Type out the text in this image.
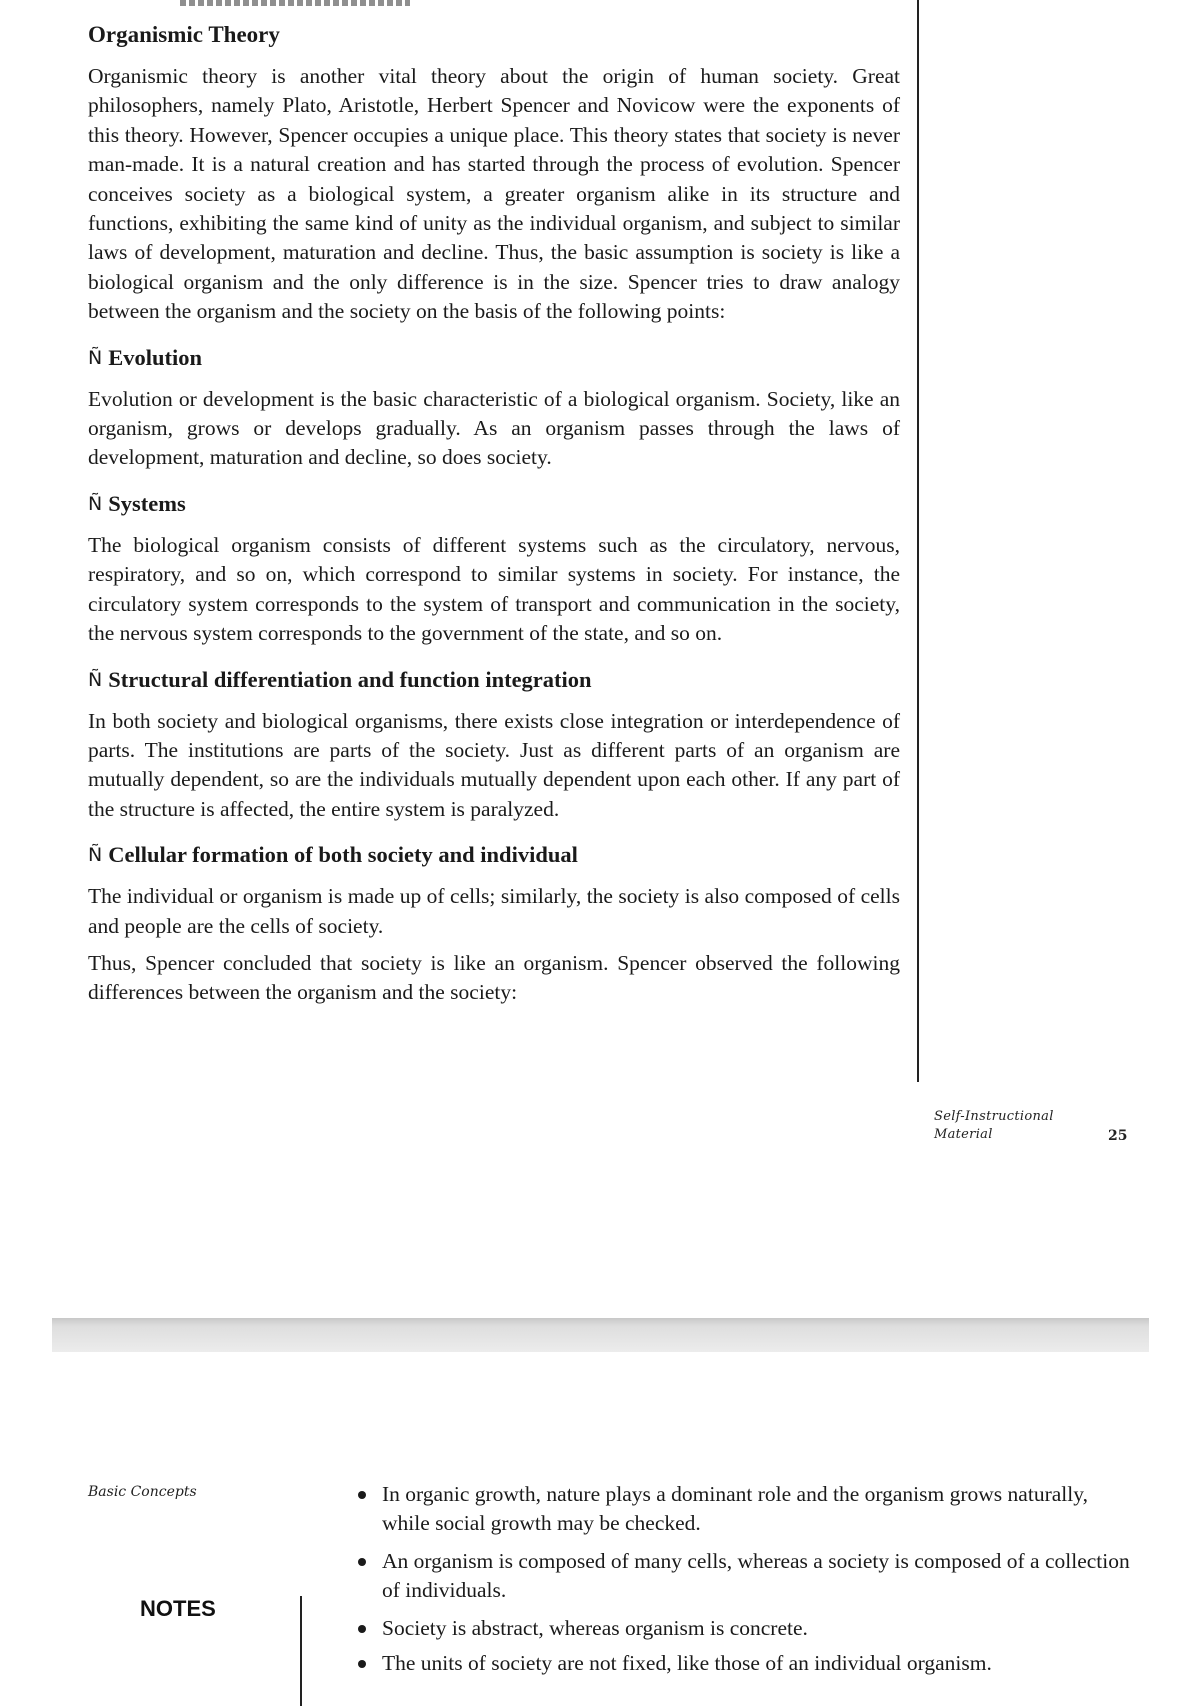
Organismic Theory

Organismic theory is another vital theory about the origin of human society. Great philosophers, namely Plato, Aristotle, Herbert Spencer and Novicow were the exponents of this theory. However, Spencer occupies a unique place. This theory states that society is never man-made. It is a natural creation and has started through the process of evolution. Spencer conceives society as a biological system, a greater organism alike in its structure and functions, exhibiting the same kind of unity as the individual organism, and subject to similar laws of development, maturation and decline. Thus, the basic assumption is society is like a biological organism and the only difference is in the size. Spencer tries to draw analogy between the organism and the society on the basis of the following points:

Ñ Evolution

Evolution or development is the basic characteristic of a biological organism. Society, like an organism, grows or develops gradually. As an organism passes through the laws of development, maturation and decline, so does society.

Ñ Systems

The biological organism consists of different systems such as the circulatory, nervous, respiratory, and so on, which correspond to similar systems in society. For instance, the circulatory system corresponds to the system of transport and communication in the society, the nervous system corresponds to the government of the state, and so on.

Ñ Structural differentiation and function integration

In both society and biological organisms, there exists close integration or interdependence of parts. The institutions are parts of the society. Just as different parts of an organism are mutually dependent, so are the individuals mutually dependent upon each other. If any part of the structure is affected, the entire system is paralyzed.

Ñ Cellular formation of both society and individual

The individual or organism is made up of cells; similarly, the society is also composed of cells and people are the cells of society.

Thus, Spencer concluded that society is like an organism. Spencer observed the following differences between the organism and the society:

Self-Instructional
Material	25
Basic Concepts
NOTES
In organic growth, nature plays a dominant role and the organism grows naturally, while social growth may be checked.
An organism is composed of many cells, whereas a society is composed of a collection of individuals.
Society is abstract, whereas organism is concrete.
The units of society are not fixed, like those of an individual organism.
